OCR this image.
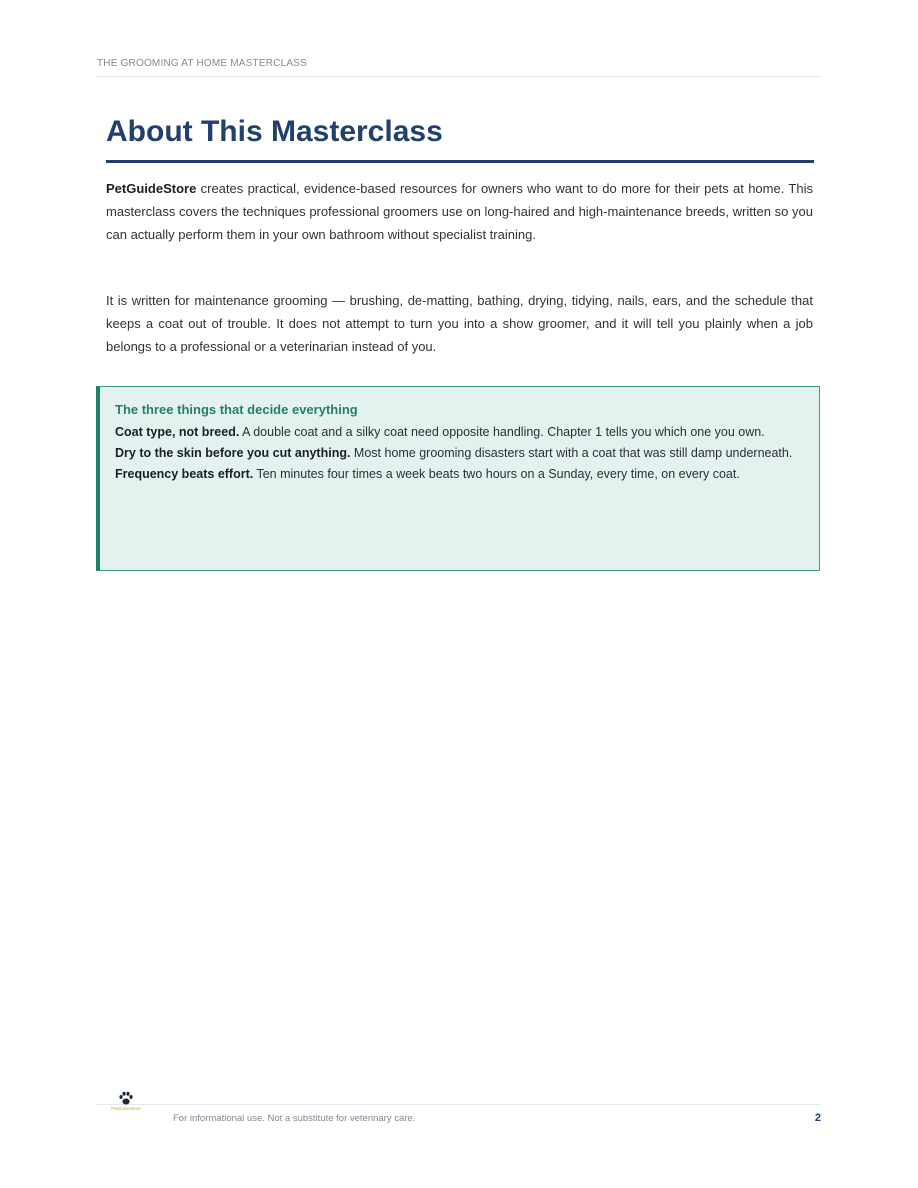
THE GROOMING AT HOME MASTERCLASS
About This Masterclass

PetGuideStore creates practical, evidence-based resources for owners who want to do more for their pets at home. This masterclass covers the techniques professional groomers use on long-haired and high-maintenance breeds, written so you can actually perform them in your own bathroom without specialist training.

It is written for maintenance grooming — brushing, de-matting, bathing, drying, tidying, nails, ears, and the schedule that keeps a coat out of trouble. It does not attempt to turn you into a show groomer, and it will tell you plainly when a job belongs to a professional or a veterinarian instead of you.

The three things that decide everything

Coat type, not breed. A double coat and a silky coat need opposite handling. Chapter 1 tells you which one you own.

Dry to the skin before you cut anything. Most home grooming disasters start with a coat that was still damp underneath.

Frequency beats effort. Ten minutes four times a week beats two hours on a Sunday, every time, on every coat.

PetGuideStore
For informational use. Not a substitute for veterinary care.	2
